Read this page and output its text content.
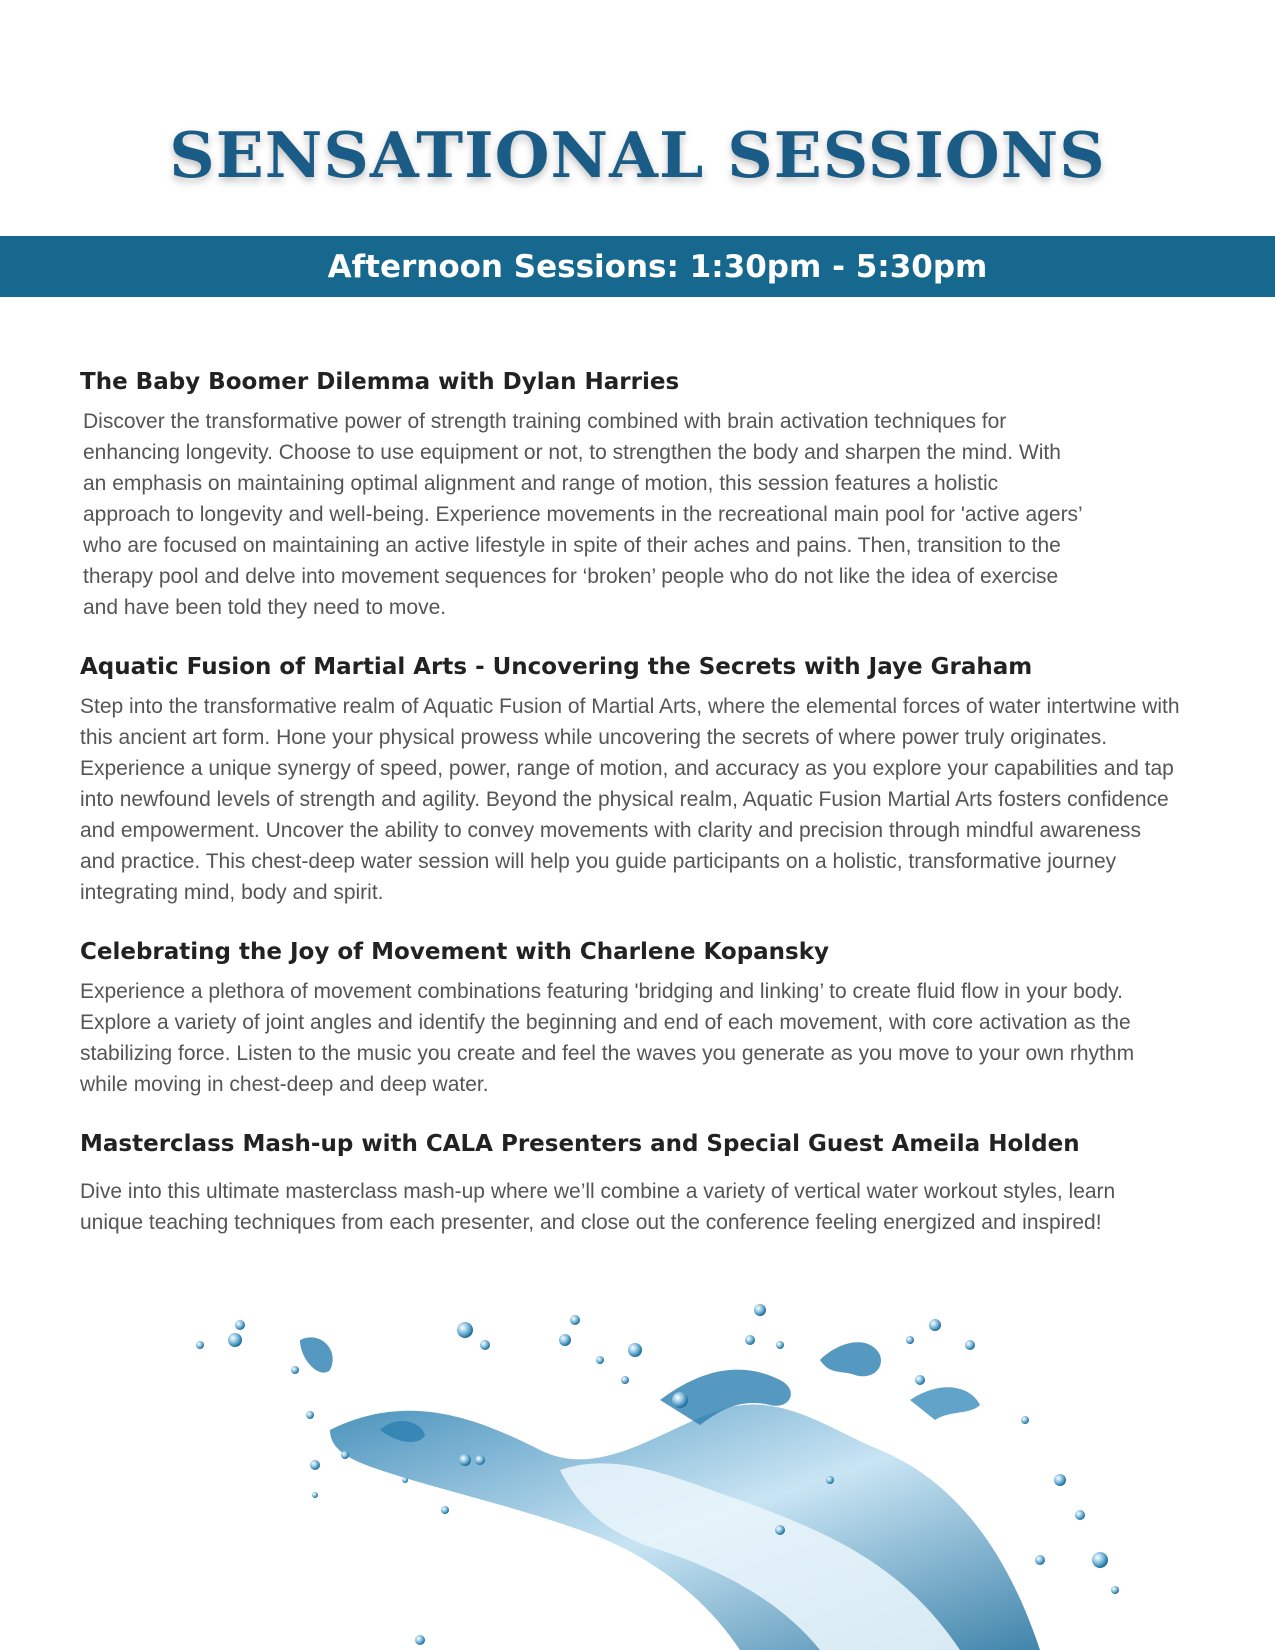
SENSATIONAL SESSIONS
Afternoon Sessions: 1:30pm - 5:30pm
The Baby Boomer Dilemma with Dylan Harries

Discover the transformative power of strength training combined with brain activation techniques for enhancing longevity. Choose to use equipment or not, to strengthen the body and sharpen the mind. With an emphasis on maintaining optimal alignment and range of motion, this session features a holistic approach to longevity and well-being. Experience movements in the recreational main pool for 'active agers’ who are focused on maintaining an active lifestyle in spite of their aches and pains. Then, transition to the therapy pool and delve into movement sequences for ‘broken’ people who do not like the idea of exercise and have been told they need to move.

Aquatic Fusion of Martial Arts - Uncovering the Secrets with Jaye Graham

Step into the transformative realm of Aquatic Fusion of Martial Arts, where the elemental forces of water intertwine with this ancient art form. Hone your physical prowess while uncovering the secrets of where power truly originates. Experience a unique synergy of speed, power, range of motion, and accuracy as you explore your capabilities and tap into newfound levels of strength and agility. Beyond the physical realm, Aquatic Fusion Martial Arts fosters confidence and empowerment. Uncover the ability to convey movements with clarity and precision through mindful awareness and practice. This chest-deep water session will help you guide participants on a holistic, transformative journey integrating mind, body and spirit.

Celebrating the Joy of Movement with Charlene Kopansky

Experience a plethora of movement combinations featuring 'bridging and linking’ to create fluid flow in your body. Explore a variety of joint angles and identify the beginning and end of each movement, with core activation as the stabilizing force. Listen to the music you create and feel the waves you generate as you move to your own rhythm while moving in chest-deep and deep water.

Masterclass Mash-up with CALA Presenters and Special Guest Ameila Holden

Dive into this ultimate masterclass mash-up where we’ll combine a variety of vertical water workout styles, learn unique teaching techniques from each presenter, and close out the conference feeling energized and inspired!
